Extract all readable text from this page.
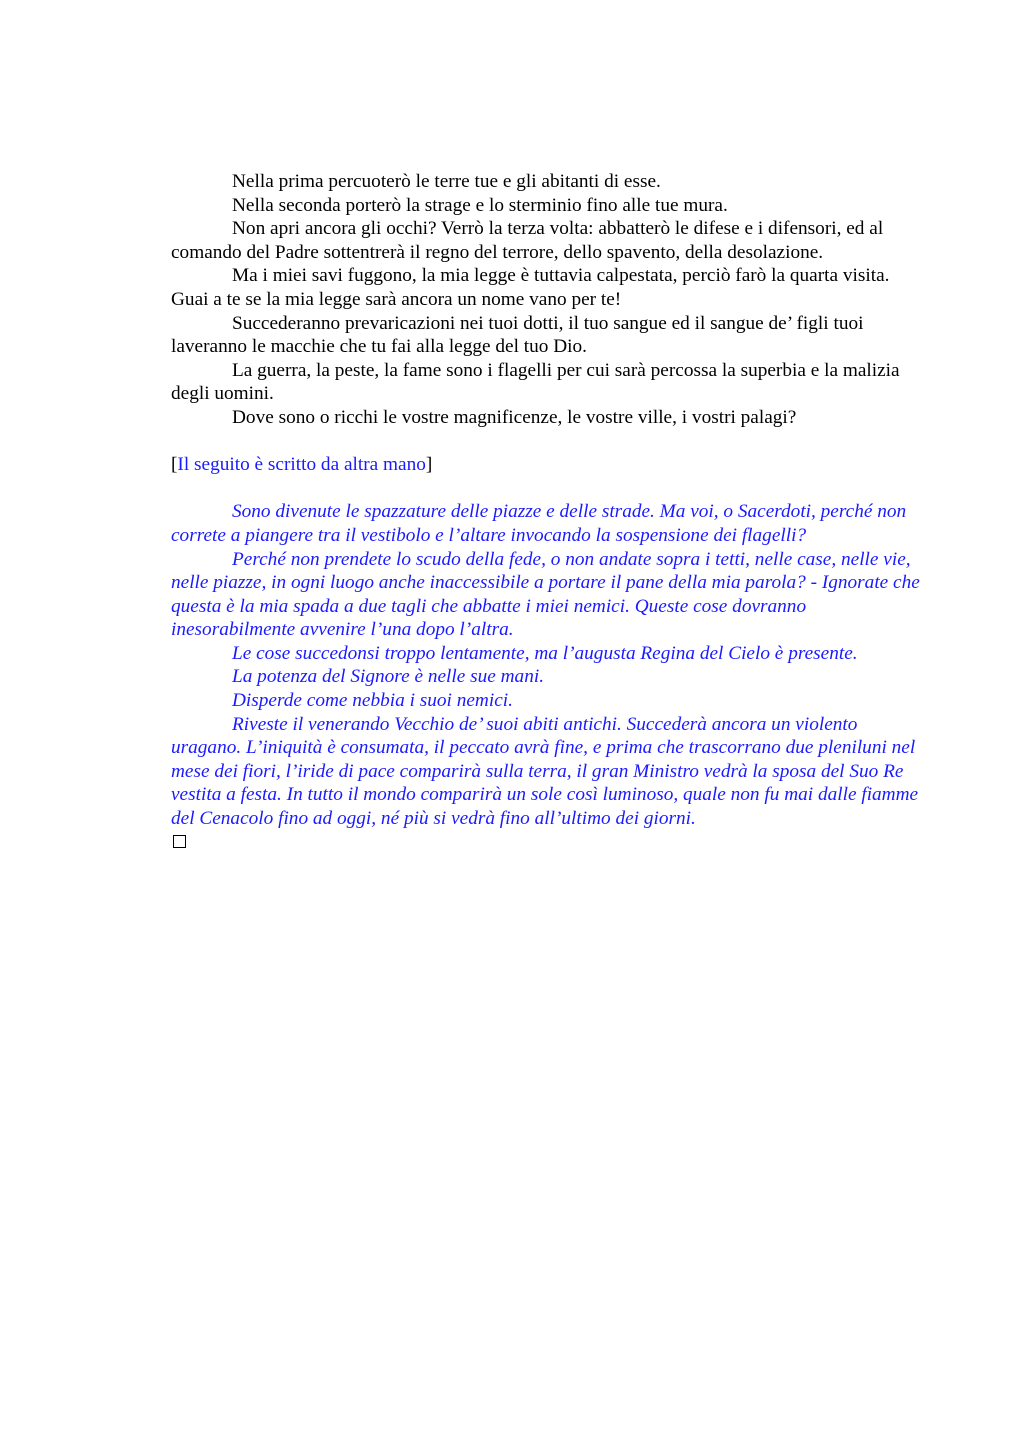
Nella prima percuoterò le terre tue e gli abitanti di esse.

Nella seconda porterò la strage e lo sterminio fino alle tue mura.

Non apri ancora gli occhi? Verrò la terza volta: abbatterò le difese e i difensori, ed al comando del Padre sottentrerà il regno del terrore, dello spavento, della desolazione.

Ma i miei savi fuggono, la mia legge è tuttavia calpestata, perciò farò la quarta visita. Guai a te se la mia legge sarà ancora un nome vano per te!

Succederanno prevaricazioni nei tuoi dotti, il tuo sangue ed il sangue de’ figli tuoi laveranno le macchie che tu fai alla legge del tuo Dio.

La guerra, la peste, la fame sono i flagelli per cui sarà percossa la superbia e la malizia degli uomini.

Dove sono o ricchi le vostre magnificenze, le vostre ville, i vostri palagi?

[Il seguito è scritto da altra mano]

Sono divenute le spazzature delle piazze e delle strade. Ma voi, o Sacerdoti, perché non correte a piangere tra il vestibolo e l’altare invocando la sospensione dei flagelli?

Perché non prendete lo scudo della fede, o non andate sopra i tetti, nelle case, nelle vie, nelle piazze, in ogni luogo anche inaccessibile a portare il pane della mia parola? - Ignorate che questa è la mia spada a due tagli che abbatte i miei nemici. Queste cose dovranno inesorabilmente avvenire l’una dopo l’altra.

Le cose succedonsi troppo lentamente, ma l’augusta Regina del Cielo è presente.

La potenza del Signore è nelle sue mani.

Disperde come nebbia i suoi nemici.

Riveste il venerando Vecchio de’ suoi abiti antichi. Succederà ancora un violento uragano. L’iniquità è consumata, il peccato avrà fine, e prima che trascorrano due pleniluni nel mese dei fiori, l’iride di pace comparirà sulla terra, il gran Ministro vedrà la sposa del Suo Re vestita a festa. In tutto il mondo comparirà un sole così luminoso, quale non fu mai dalle fiamme del Cenacolo fino ad oggi, né più si vedrà fino all’ultimo dei giorni.
